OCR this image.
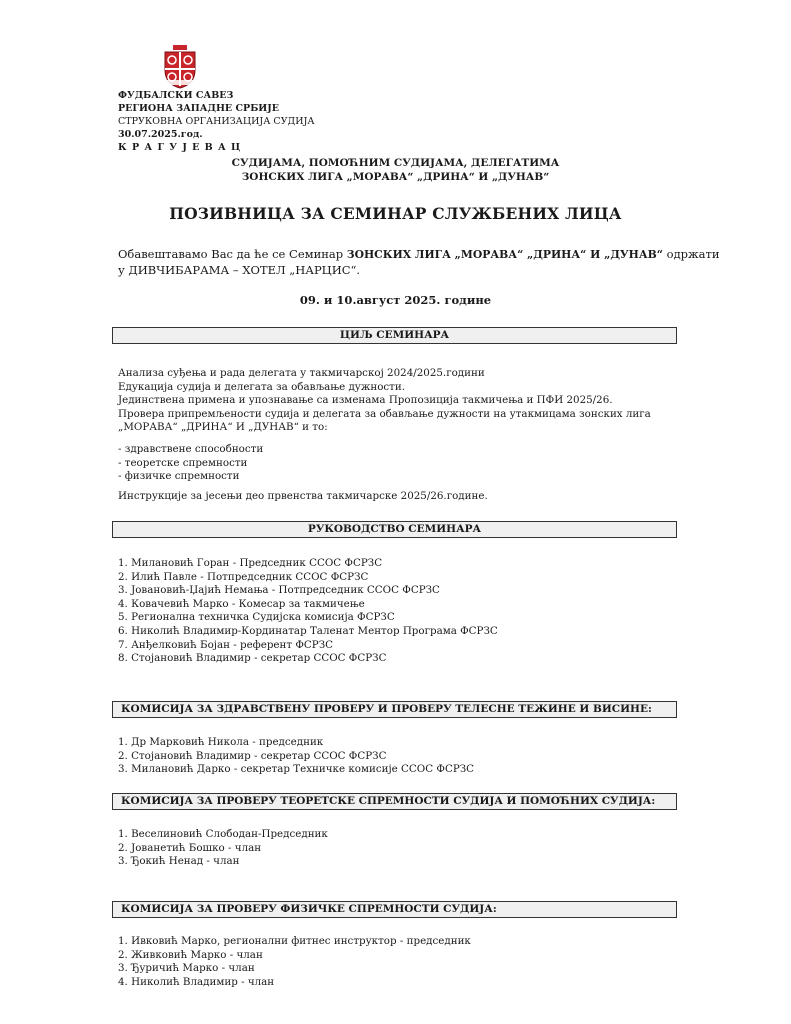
ФУДБАЛСКИ САВЕЗ
РЕГИОНА ЗАПАДНЕ СРБИЈЕ
СТРУКОВНА ОРГАНИЗАЦИЈА СУДИЈА
30.07.2025.год.
К Р А Г У Ј Е В А Ц
СУДИЈАМА, ПОМОЋНИМ СУДИЈАМА, ДЕЛЕГАТИМА
ЗОНСКИХ ЛИГА „МОРАВА“ „ДРИНА“ И „ДУНАВ“
ПОЗИВНИЦА ЗА СЕМИНАР СЛУЖБЕНИХ ЛИЦА
Обавештавамо Вас да ће се Семинар ЗОНСКИХ ЛИГА „МОРАВА“ „ДРИНА“ И „ДУНАВ“ одржати
у ДИВЧИБАРАМА – ХОТЕЛ „НАРЦИС“.
09. и 10.август 2025. године
ЦИЉ СЕМИНАРА
Анализа суђења и рада делегата у такмичарској 2024/2025.години
Едукација судија и делегата за обављање дужности.
Јединствена примена и упознавање са изменама Пропозиција такмичења и ПФИ 2025/26.
Провера припремљености судија и делегата за обављање дужности на утакмицама зонских лига
„МОРАВА“ „ДРИНА“ И „ДУНАВ“ и то:
- здравствене способности
- теоретске спремности
- физичке спремности
Инструкције за јесењи део првенства такмичарске 2025/26.године.
РУКОВОДСТВО СЕМИНАРА
1. Милановић Горан - Председник ССОС ФСРЗС
2. Илић Павле - Потпредседник ССОС ФСРЗС
3. Јовановић-Џајић Немања - Потпредседник ССОС ФСРЗС
4. Ковачевић Марко - Комесар за такмичење
5. Регионална техничка Судијска комисија ФСРЗС
6. Николић Владимир-Кординатар Таленат Ментор Програма ФСРЗС
7. Анђелковић Бојан - референт ФСРЗС
8. Стојановић Владимир - секретар ССОС ФСРЗС
КОМИСИЈА ЗА ЗДРАВСТВЕНУ ПРОВЕРУ И ПРОВЕРУ ТЕЛЕСНЕ ТЕЖИНЕ И ВИСИНЕ:
1. Др Марковић Никола - председник
2. Стојановић Владимир - секретар ССОС ФСРЗС
3. Милановић Дарко - секретар Техничке комисије ССОС ФСРЗС
КОМИСИЈА ЗА ПРОВЕРУ ТЕОРЕТСКЕ СПРЕМНОСТИ СУДИЈА И ПОМОЋНИХ СУДИЈА:
1. Веселиновић Слободан-Председник
2. Јованетић Бошко - члан
3. Ђокић Ненад - члан
КОМИСИЈА ЗА ПРОВЕРУ ФИЗИЧКЕ СПРЕМНОСТИ СУДИЈА:
1. Ивковић Марко, регионални фитнес инструктор - председник
2. Живковић Марко - члан
3. Ђуричић Марко - члан
4. Николић Владимир - члан
